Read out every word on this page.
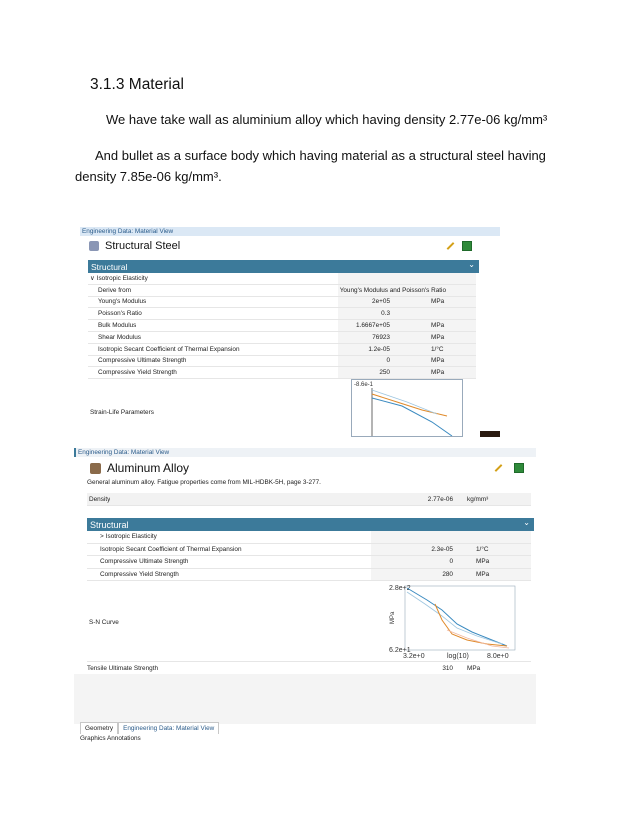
3.1.3 Material
We have take wall as aluminium alloy which having density 2.77e-06 kg/mm³
And bullet as a surface body which having material as a structural steel having density 7.85e-06 kg/mm³.
Engineering Data: Material View
Structural Steel
Structural	⌄
∨ Isotropic Elasticity
Derive from	Young's Modulus and Poisson's Ratio
Young's Modulus	2e+05	MPa
Poisson's Ratio	0.3
Bulk Modulus	1.6667e+05	MPa
Shear Modulus	76923	MPa
Isotropic Secant Coefficient of Thermal Expansion	1.2e-05	1/°C
Compressive Ultimate Strength	0	MPa
Compressive Yield Strength	250	MPa
Strain-Life Parameters
-8.6e-1
Engineering Data: Material View
Aluminum Alloy
General aluminum alloy. Fatigue properties come from MIL-HDBK-5H, page 3-277.
Density	2.77e-06 kg/mm³
Structural	⌄
> Isotropic Elasticity
Isotropic Secant Coefficient of Thermal Expansion	2.3e-05	1/°C
Compressive Ultimate Strength	0	MPa
Compressive Yield Strength	280	MPa
S-N Curve
2.8e+2
6.2e+1
MPa
3.2e+0	log(10)	8.0e+0
Tensile Ultimate Strength	310 MPa
Geometry	Engineering Data: Material View
Graphics Annotations
